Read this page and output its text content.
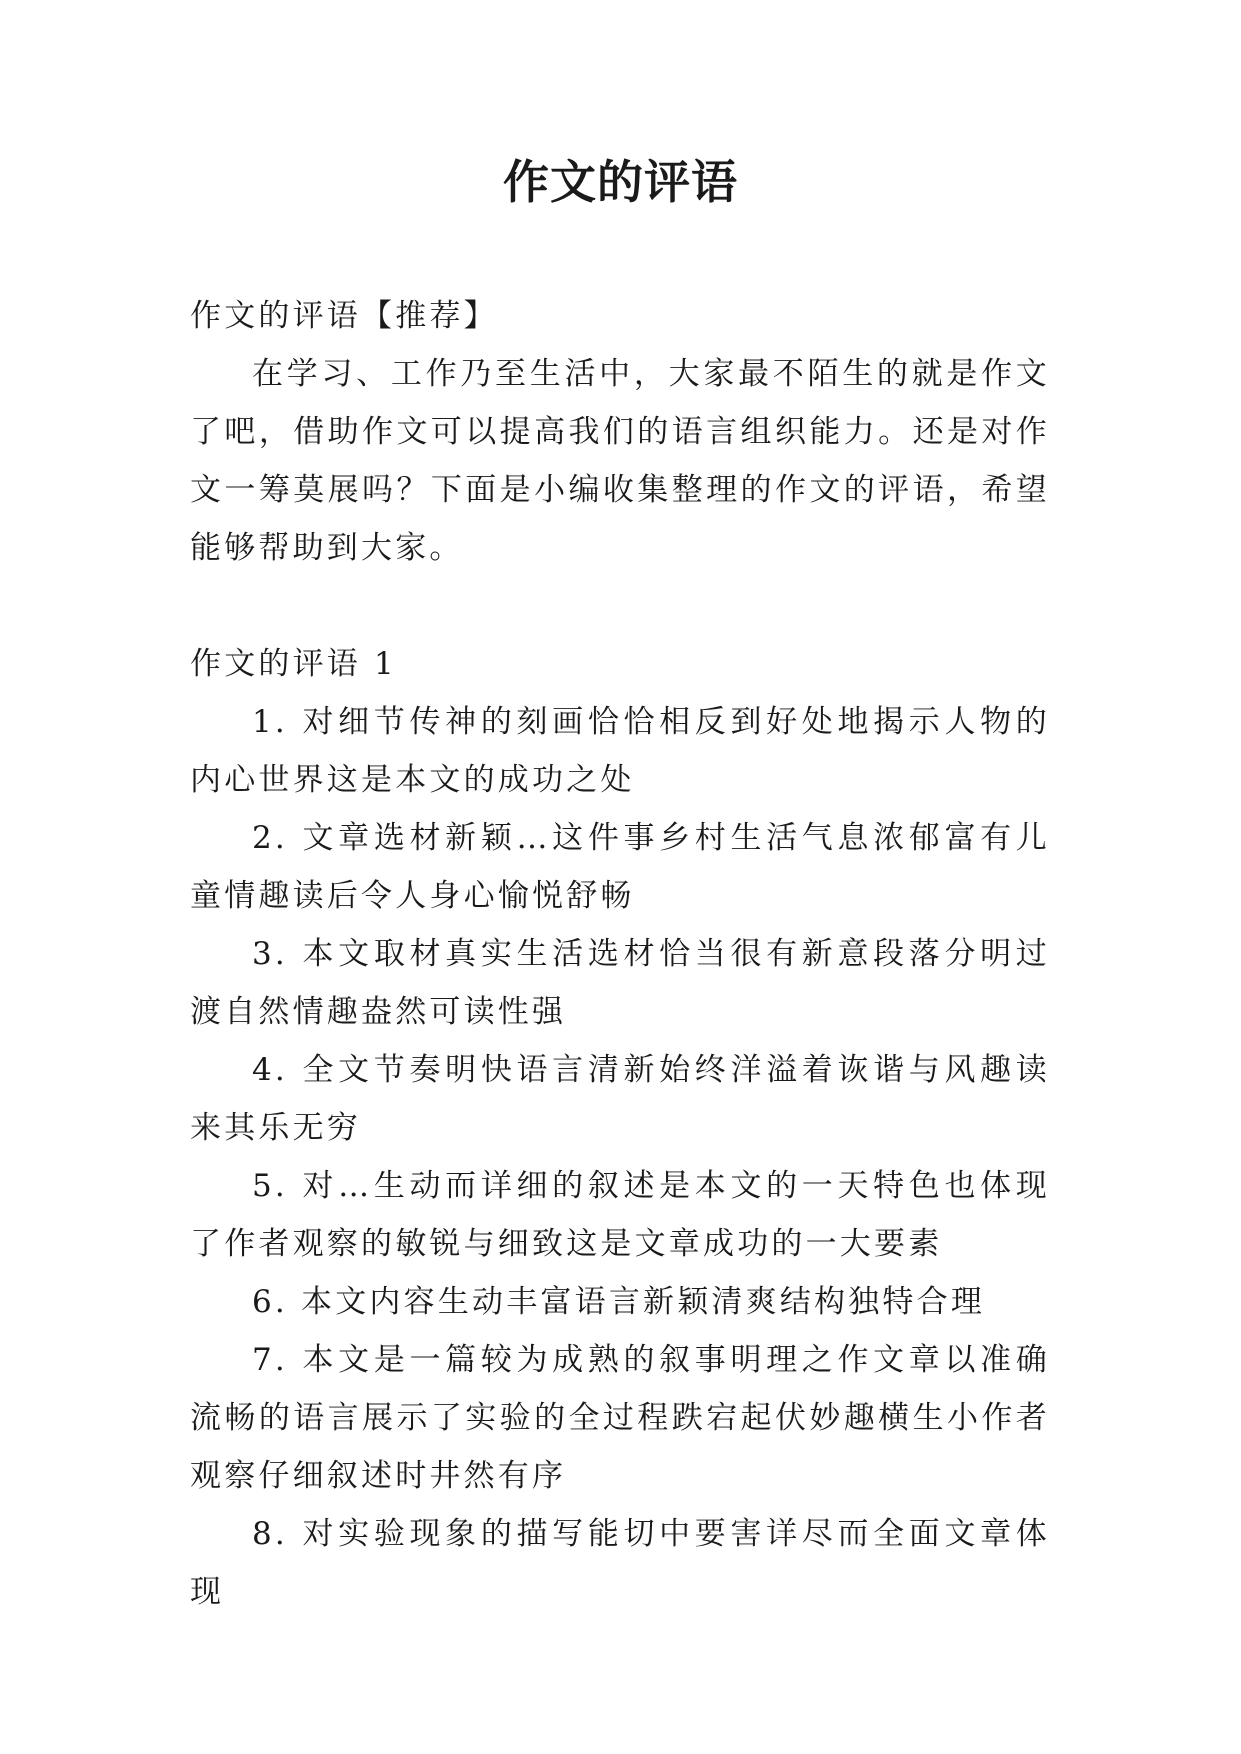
作文的评语

作文的评语【推荐】

在学习、工作乃至生活中，大家最不陌生的就是作文了吧，借助作文可以提高我们的语言组织能力。还是对作文一筹莫展吗？下面是小编收集整理的作文的评语，希望能够帮助到大家。

作文的评语 1

1. 对细节传神的刻画恰恰相反到好处地揭示人物的内心世界这是本文的成功之处

2. 文章选材新颖…这件事乡村生活气息浓郁富有儿童情趣读后令人身心愉悦舒畅

3. 本文取材真实生活选材恰当很有新意段落分明过渡自然情趣盎然可读性强

4. 全文节奏明快语言清新始终洋溢着诙谐与风趣读来其乐无穷

5. 对…生动而详细的叙述是本文的一天特色也体现了作者观察的敏锐与细致这是文章成功的一大要素

6. 本文内容生动丰富语言新颖清爽结构独特合理

7. 本文是一篇较为成熟的叙事明理之作文章以准确流畅的语言展示了实验的全过程跌宕起伏妙趣横生小作者观察仔细叙述时井然有序

8. 对实验现象的描写能切中要害详尽而全面文章体现
